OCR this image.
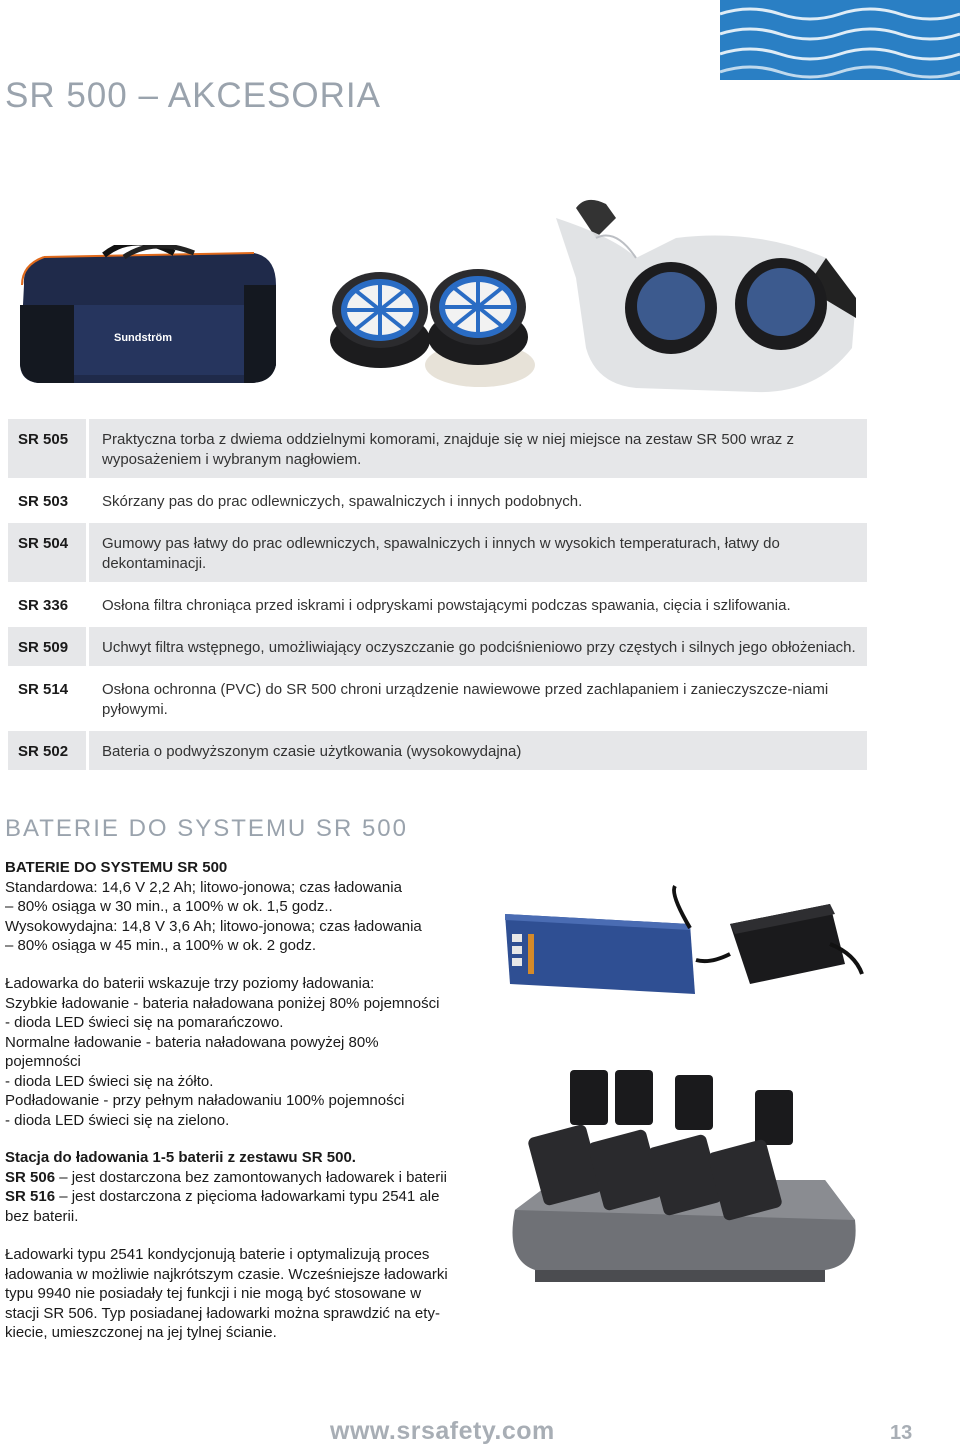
SR 500 – AKCESORIA
Sundström
SR 505	Praktyczna torba z dwiema oddzielnymi komorami, znajduje się w niej miejsce na zestaw SR 500 wraz z wyposażeniem i wybranym nagłowiem.
SR 503	Skórzany pas do prac odlewniczych, spawalniczych i innych podobnych.
SR 504	Gumowy pas łatwy do prac odlewniczych, spawalniczych i innych w wysokich temperaturach, łatwy do dekontaminacji.
SR 336	Osłona filtra chroniąca przed iskrami i odpryskami powstającymi podczas spawania, cięcia i szlifowania.
SR 509	Uchwyt filtra wstępnego, umożliwiający oczyszczanie go podciśnieniowo przy częstych i silnych jego obłożeniach.
SR 514	Osłona ochronna (PVC) do SR 500 chroni urządzenie nawiewowe przed zachlapaniem i zanieczyszcze-niami pyłowymi.
SR 502	Bateria o podwyższonym czasie użytkowania (wysokowydajna)
BATERIE DO SYSTEMU SR 500

BATERIE DO SYSTEMU SR 500

Standardowa: 14,6 V 2,2 Ah; litowo-jonowa; czas ładowania

– 80% osiąga w 30 min., a 100% w ok. 1,5 godz..

Wysokowydajna: 14,8 V 3,6 Ah; litowo-jonowa; czas ładowania

– 80% osiąga w 45 min., a 100% w ok. 2 godz.

Ładowarka do baterii wskazuje trzy poziomy ładowania:

Szybkie ładowanie - bateria naładowana poniżej 80% pojemności

- dioda LED świeci się na pomarańczowo.

Normalne ładowanie - bateria naładowana powyżej 80%

pojemności

- dioda LED świeci się na żółto.

Podładowanie - przy pełnym naładowaniu 100% pojemności

- dioda LED świeci się na zielono.

Stacja do ładowania 1-5 baterii z zestawu SR 500.

SR 506 – jest dostarczona bez zamontowanych ładowarek i baterii

SR 516 – jest dostarczona z pięcioma ładowarkami typu 2541 ale

bez baterii.

Ładowarki typu 2541 kondycjonują baterie i optymalizują proces

ładowania w możliwie najkrótszym czasie. Wcześniejsze ładowarki

typu 9940 nie posiadały tej funkcji i nie mogą być stosowane w

stacji SR 506. Typ posiadanej ładowarki można sprawdzić na ety-

kiecie, umieszczonej na jej tylnej ścianie.

www.srsafety.com	13
